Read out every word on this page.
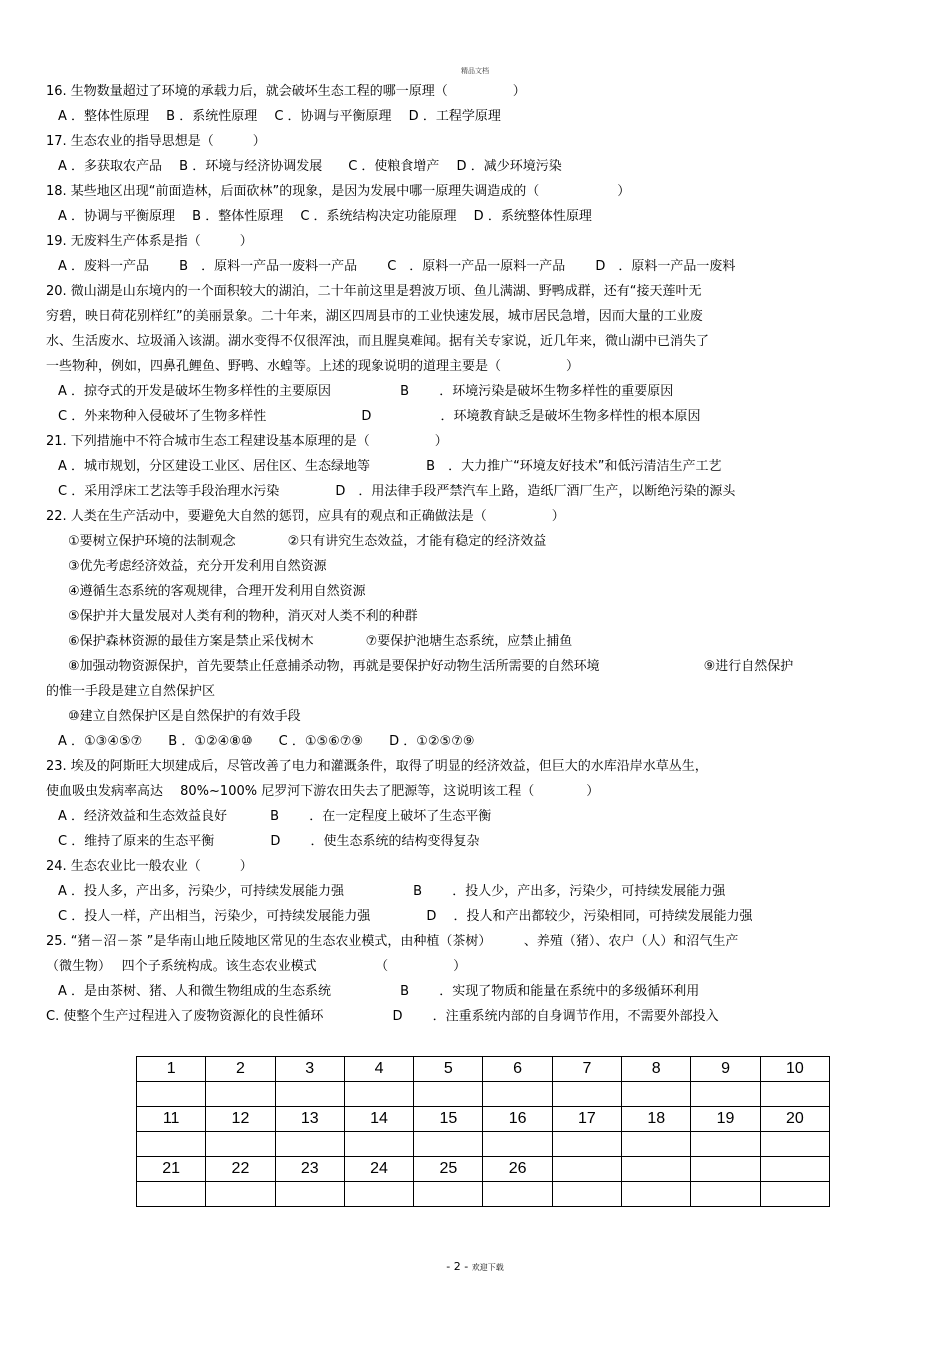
精品文档
16. 生物数量超过了环境的承载力后，就会破坏生态工程的哪一原理（　　　　　）
A ．整体性原理　 B ．系统性原理　 C ．协调与平衡原理　 D ．工程学原理
17. 生态农业的指导思想是（　　　）
A ．多获取农产品　 B ．环境与经济协调发展　　C ．使粮食增产　 D ．减少环境污染
18. 某些地区出现“前面造林，后面砍林”的现象，是因为发展中哪一原理失调造成的（　　　　　　）
A ．协调与平衡原理　 B ．整体性原理　 C ．系统结构决定功能原理　 D ．系统整体性原理
19. 无废料生产体系是指（　　　）
A ．废料一产品　　 B　．原料一产品一废料一产品　　 C　．原料一产品一原料一产品　　 D　．原料一产品一废料
20. 微山湖是山东境内的一个面积较大的湖泊，二十年前这里是碧波万顷、鱼儿满湖、野鸭成群，还有“接天莲叶无
穷碧，映日荷花别样红”的美丽景象。二十年来，湖区四周县市的工业快速发展，城市居民急增，因而大量的工业废
水、生活废水、垃圾涌入该湖。湖水变得不仅很浑浊，而且腥臭难闻。据有关专家说，近几年来，微山湖中已消失了
一些物种，例如，四鼻孔鲤鱼、野鸭、水蝗等。上述的现象说明的道理主要是（　　　　　）
A ．掠夺式的开发是破坏生物多样性的主要原因　　　　　 B　　 ．环境污染是破坏生物多样性的重要原因
C ．外来物种入侵破坏了生物多样性　　　　　　　 D　　　　　 ．环境教育缺乏是破坏生物多样性的根本原因
21. 下列措施中不符合城市生态工程建设基本原理的是（　　　　　）
A ．城市规划，分区建设工业区、居住区、生态绿地等　　　　 B　．大力推广“环境友好技术”和低污清洁生产工艺
C ．采用浮床工艺法等手段治理水污染　　　　 D　．用法律手段严禁汽车上路，造纸厂酒厂生产，以断绝污染的源头
22. 人类在生产活动中，要避免大自然的惩罚，应具有的观点和正确做法是（　　　　　）
①要树立保护环境的法制观念　　　　②只有讲究生态效益，才能有稳定的经济效益
③优先考虑经济效益，充分开发利用自然资源
④遵循生态系统的客观规律，合理开发利用自然资源
⑤保护并大量发展对人类有利的物种，消灭对人类不利的种群
⑥保护森林资源的最佳方案是禁止采伐树木　　　　⑦要保护池塘生态系统，应禁止捕鱼
⑧加强动物资源保护，首先要禁止任意捕杀动物，再就是要保护好动物生活所需要的自然环境　　　　　　　　⑨进行自然保护
的惟一手段是建立自然保护区
⑩建立自然保护区是自然保护的有效手段
A ．①③④⑤⑦　　B ．①②④⑧⑩　　C ．①⑤⑥⑦⑨　　D ．①②⑤⑦⑨
23. 埃及的阿斯旺大坝建成后，尽管改善了电力和灌溉条件，取得了明显的经济效益，但巨大的水库沿岸水草丛生，
使血吸虫发病率高达　 80%~100% 尼罗河下游农田失去了肥源等，这说明该工程（　　　　）
A ．经济效益和生态效益良好　　　 B　　 ．在一定程度上破坏了生态平衡
C ．维持了原来的生态平衡　　　　 D　　 ．使生态系统的结构变得复杂
24. 生态农业比一般农业（　　　）
A ．投人多，产出多，污染少，可持续发展能力强　　　　　 B　　 ．投人少，产出多，污染少，可持续发展能力强
C ．投人一样，产出相当，污染少，可持续发展能力强　　　　 D　 ．投人和产出都较少，污染相同，可持续发展能力强
25. “猪－沼－茶 ”是华南山地丘陵地区常见的生态农业模式，由种植（茶树）　　　、养殖（猪）、农户（人）和沼气生产
（微生物）　 四个子系统构成。该生态农业模式　　　　　（　　　　　）
A ．是由茶树、猪、人和微生物组成的生态系统　　　　　 B　　 ．实现了物质和能量在系统中的多级循环利用
C. 使整个生产过程进入了废物资源化的良性循环　　　　　 D　　 ．注重系统内部的自身调节作用，不需要外部投入
1	2	3	4	5	6	7	8	9	10

11	12	13	14	15	16	17	18	19	20

21	22	23	24	25	26				

- 2 - 欢迎下载
